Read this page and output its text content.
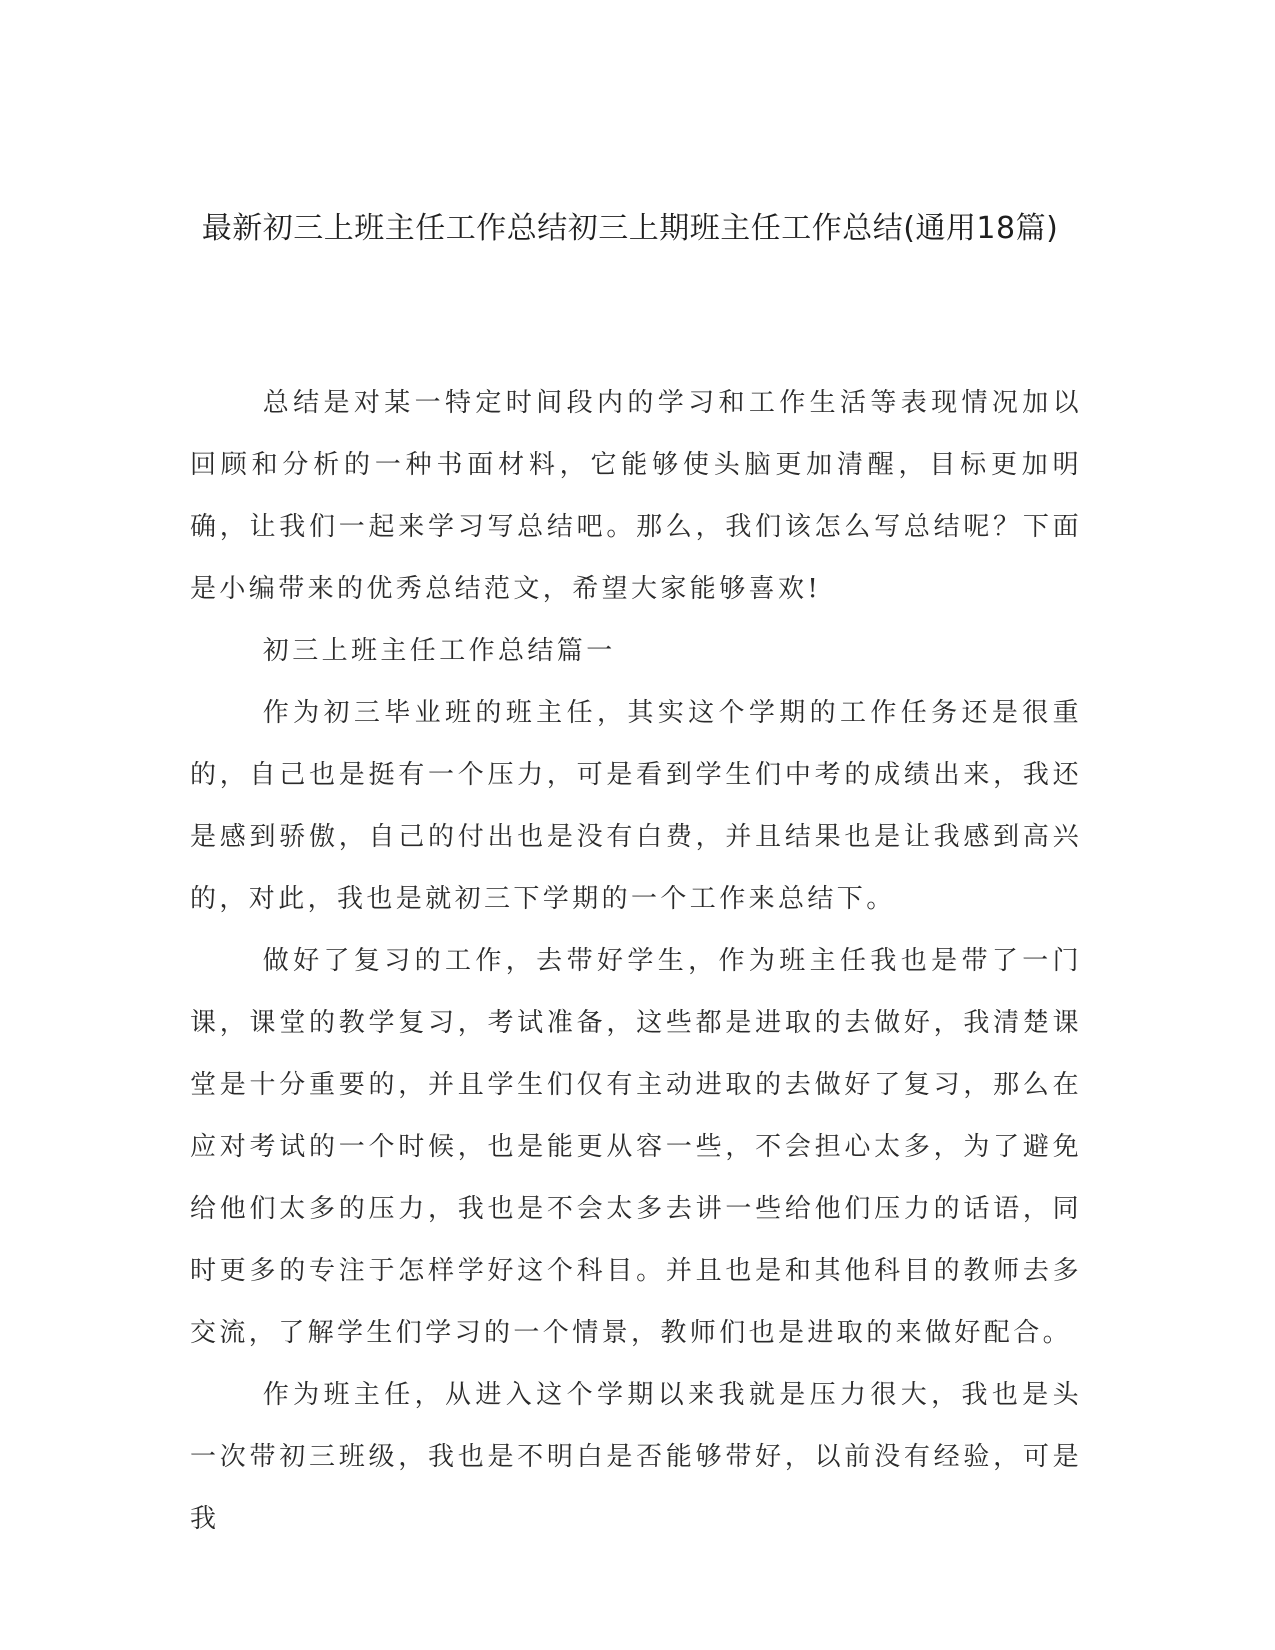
最新初三上班主任工作总结初三上期班主任工作总结(通用18篇)

总结是对某一特定时间段内的学习和工作生活等表现情况加以回顾和分析的一种书面材料，它能够使头脑更加清醒，目标更加明确，让我们一起来学习写总结吧。那么，我们该怎么写总结呢？下面是小编带来的优秀总结范文，希望大家能够喜欢!

初三上班主任工作总结篇一

作为初三毕业班的班主任，其实这个学期的工作任务还是很重的，自己也是挺有一个压力，可是看到学生们中考的成绩出来，我还是感到骄傲，自己的付出也是没有白费，并且结果也是让我感到高兴的，对此，我也是就初三下学期的一个工作来总结下。

做好了复习的工作，去带好学生，作为班主任我也是带了一门课，课堂的教学复习，考试准备，这些都是进取的去做好，我清楚课堂是十分重要的，并且学生们仅有主动进取的去做好了复习，那么在应对考试的一个时候，也是能更从容一些，不会担心太多，为了避免给他们太多的压力，我也是不会太多去讲一些给他们压力的话语，同时更多的专注于怎样学好这个科目。并且也是和其他科目的教师去多交流，了解学生们学习的一个情景，教师们也是进取的来做好配合。

作为班主任，从进入这个学期以来我就是压力很大，我也是头一次带初三班级，我也是不明白是否能够带好，以前没有经验，可是我
